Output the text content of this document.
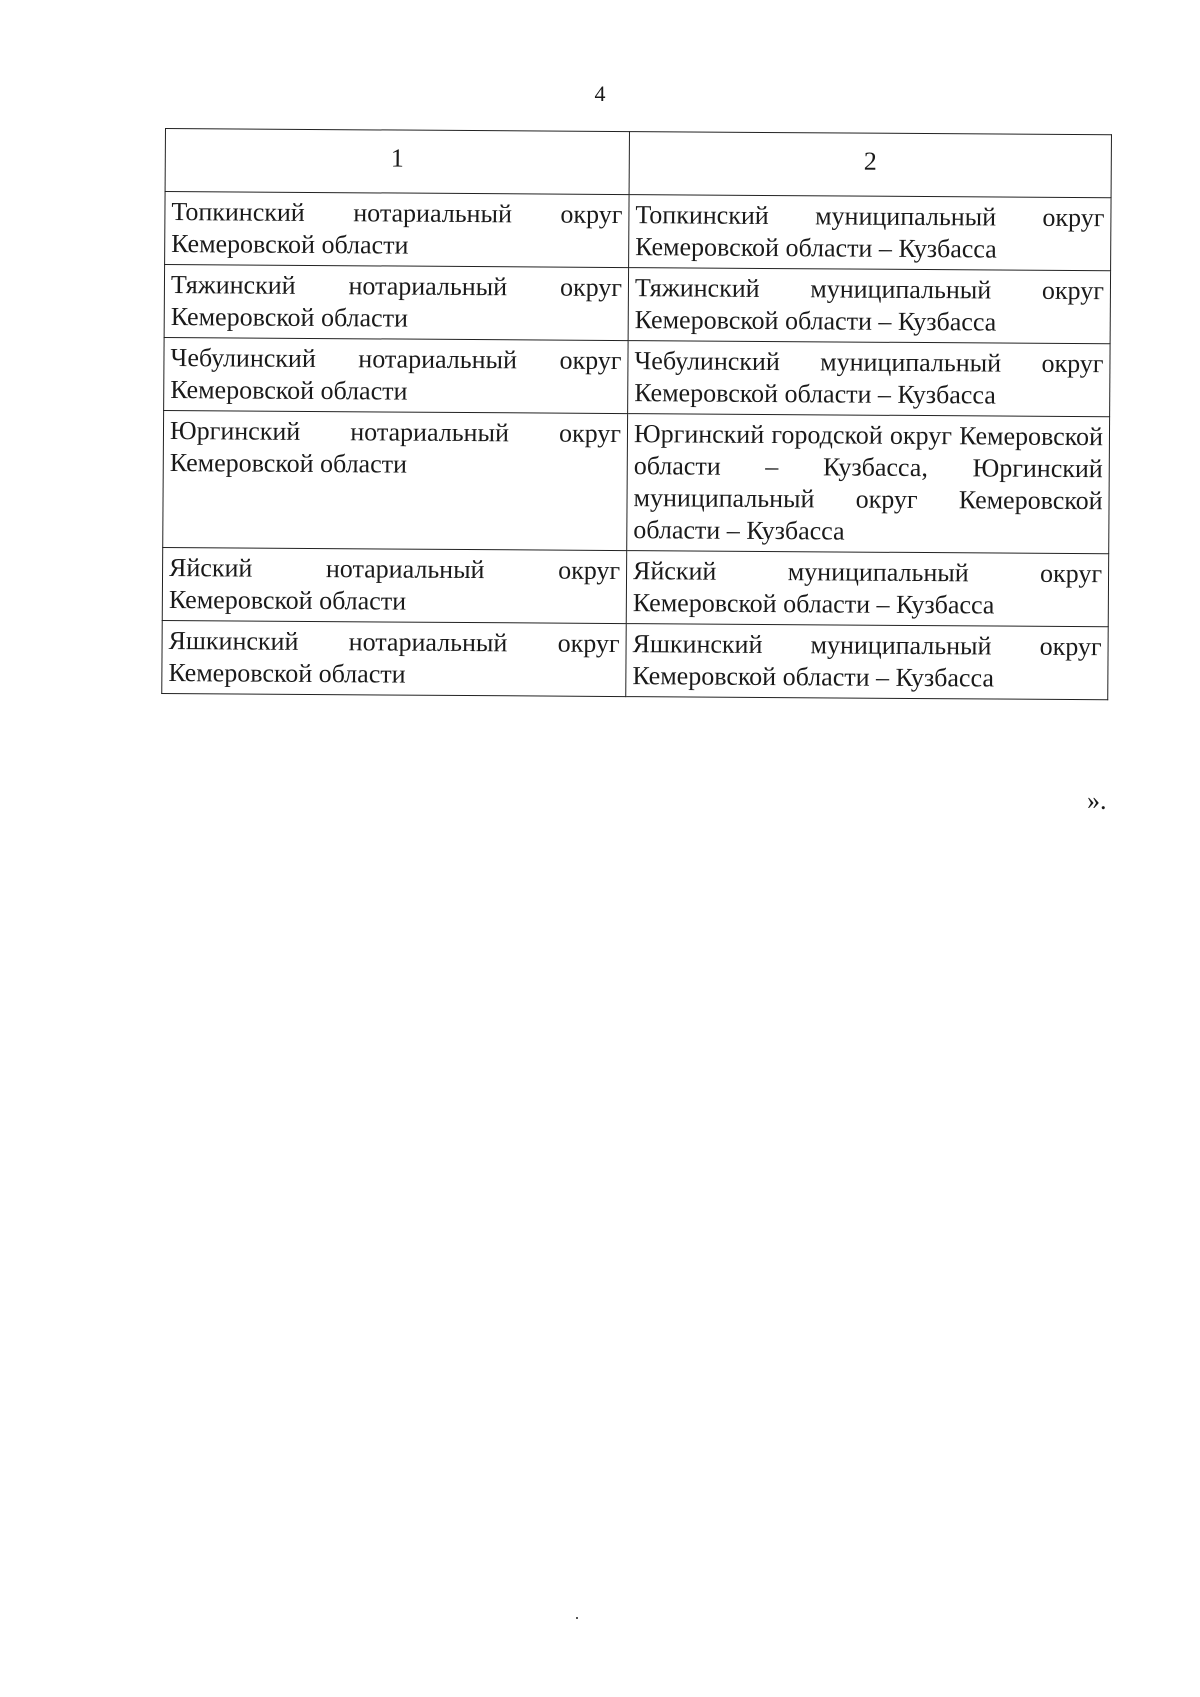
4
1	2
Топкинский нотариальный округ Кемеровской области	Топкинский муниципальный округ Кемеровской области – Кузбасса
Тяжинский нотариальный округ Кемеровской области	Тяжинский муниципальный округ Кемеровской области – Кузбасса
Чебулинский нотариальный округ Кемеровской области	Чебулинский муниципальный округ Кемеровской области – Кузбасса
Юргинский нотариальный округ Кемеровской области	Юргинский городской округ Кемеровской области – Кузбасса, Юргинский муниципальный округ Кемеровской области – Кузбасса
Яйский нотариальный округ Кемеровской области	Яйский муниципальный округ Кемеровской области – Кузбасса
Яшкинский нотариальный округ Кемеровской области	Яшкинский муниципальный округ Кемеровской области – Кузбасса
».
